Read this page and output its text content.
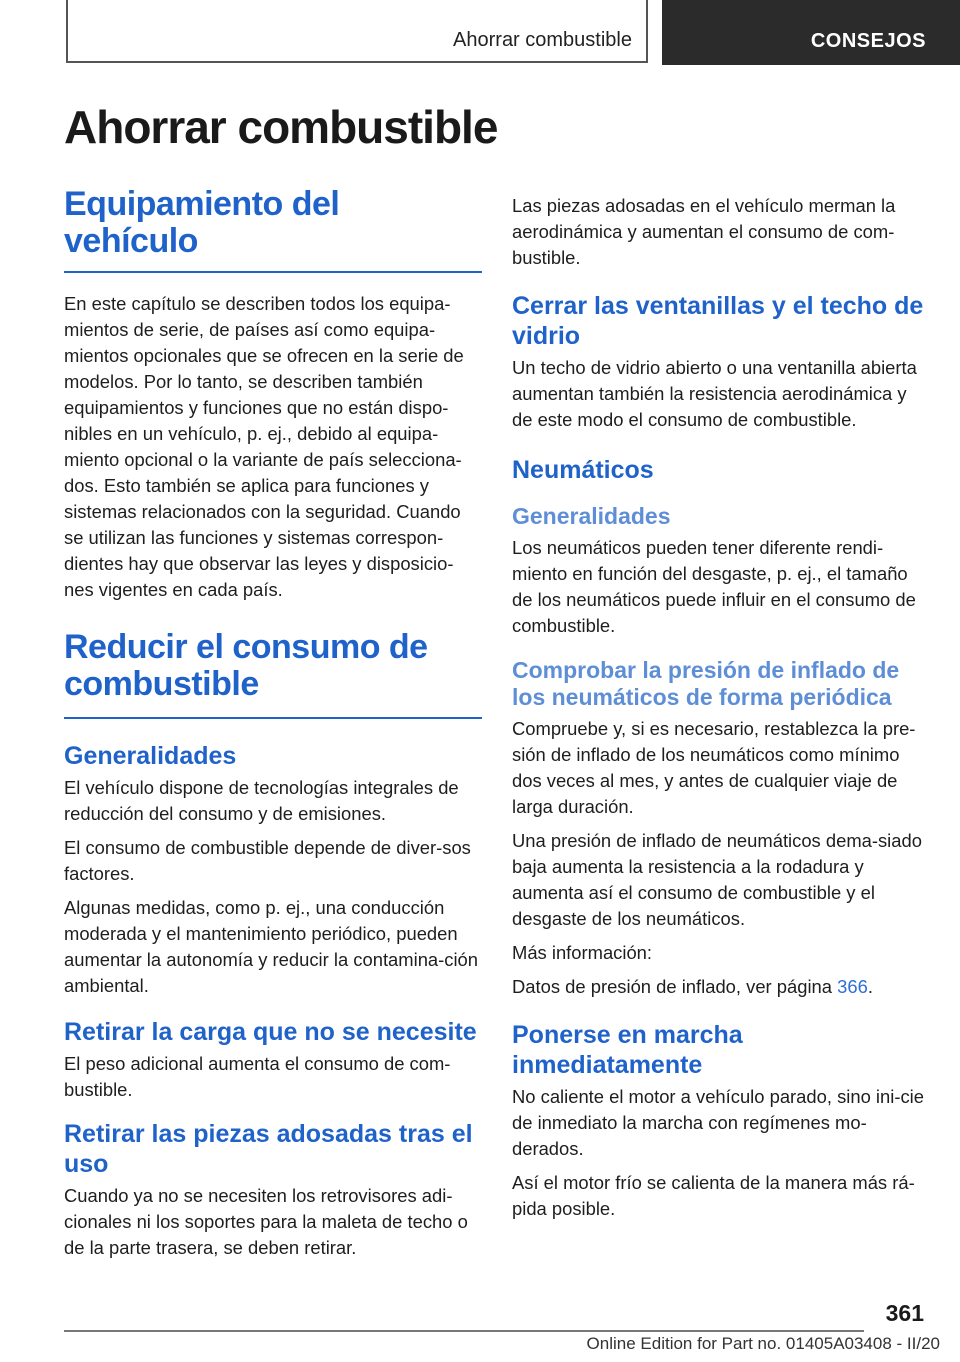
Ahorrar combustible	CONSEJOS
Ahorrar combustible
Equipamiento del vehículo

En este capítulo se describen todos los equipa-mientos de serie, de países así como equipa-mientos opcionales que se ofrecen en la serie de modelos. Por lo tanto, se describen también equipamientos y funciones que no están dispo-nibles en un vehículo, p. ej., debido al equipa-miento opcional o la variante de país selecciona-dos. Esto también se aplica para funciones y sistemas relacionados con la seguridad. Cuando se utilizan las funciones y sistemas correspon-dientes hay que observar las leyes y disposicio-nes vigentes en cada país.

Reducir el consumo de combustible
Generalidades

El vehículo dispone de tecnologías integrales de reducción del consumo y de emisiones.

El consumo de combustible depende de diver-sos factores.

Algunas medidas, como p. ej., una conducción moderada y el mantenimiento periódico, pueden aumentar la autonomía y reducir la contamina-ción ambiental.

Retirar la carga que no se necesite

El peso adicional aumenta el consumo de com-bustible.

Retirar las piezas adosadas tras el uso

Cuando ya no se necesiten los retrovisores adi-cionales ni los soportes para la maleta de techo o de la parte trasera, se deben retirar.

Las piezas adosadas en el vehículo merman la aerodinámica y aumentan el consumo de com-bustible.

Cerrar las ventanillas y el techo de vidrio

Un techo de vidrio abierto o una ventanilla abierta aumentan también la resistencia aerodinámica y de este modo el consumo de combustible.

Neumáticos
Generalidades

Los neumáticos pueden tener diferente rendi-miento en función del desgaste, p. ej., el tamaño de los neumáticos puede influir en el consumo de combustible.

Comprobar la presión de inflado de los neumáticos de forma periódica

Compruebe y, si es necesario, restablezca la pre-sión de inflado de los neumáticos como mínimo dos veces al mes, y antes de cualquier viaje de larga duración.

Una presión de inflado de neumáticos dema-siado baja aumenta la resistencia a la rodadura y aumenta así el consumo de combustible y el desgaste de los neumáticos.

Más información:

Datos de presión de inflado, ver página 366.

Ponerse en marcha inmediatamente

No caliente el motor a vehículo parado, sino ini-cie de inmediato la marcha con regímenes mo-derados.

Así el motor frío se calienta de la manera más rá-pida posible.

361
Online Edition for Part no. 01405A03408 - II/20
